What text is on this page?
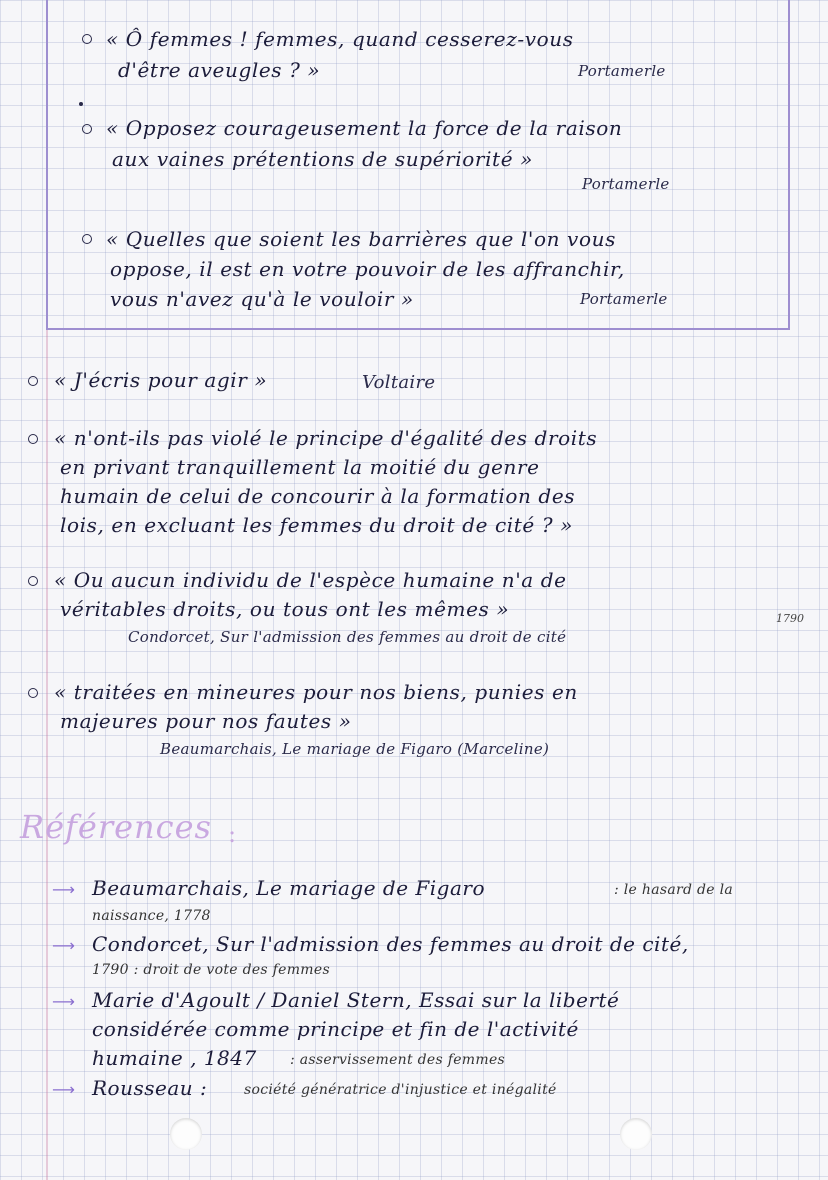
« Ô femmes ! femmes, quand cesserez-vous
d'être aveugles ? »	Portamerle
« Opposez courageusement la force de la raison
aux vaines prétentions de supériorité »
Portamerle
« Quelles que soient les barrières que l'on vous
oppose, il est en votre pouvoir de les affranchir,
vous n'avez qu'à le vouloir »	Portamerle
« J'écris pour agir »	Voltaire
« n'ont-ils pas violé le principe d'égalité des droits
en privant tranquillement la moitié du genre
humain de celui de concourir à la formation des
lois, en excluant les femmes du droit de cité ? »
« Ou aucun individu de l'espèce humaine n'a de
véritables droits, ou tous ont les mêmes »	1790
Condorcet, Sur l'admission des femmes au droit de cité
« traitées en mineures pour nos biens, punies en
majeures pour nos fautes »
Beaumarchais, Le mariage de Figaro (Marceline)
Références :
⟶ Beaumarchais, Le mariage de Figaro	: le hasard de la
naissance, 1778
⟶ Condorcet, Sur l'admission des femmes au droit de cité,
1790 : droit de vote des femmes
⟶ Marie d'Agoult / Daniel Stern, Essai sur la liberté
considérée comme principe et fin de l'activité
humaine , 1847 : asservissement des femmes
⟶ Rousseau :	société génératrice d'injustice et inégalité
